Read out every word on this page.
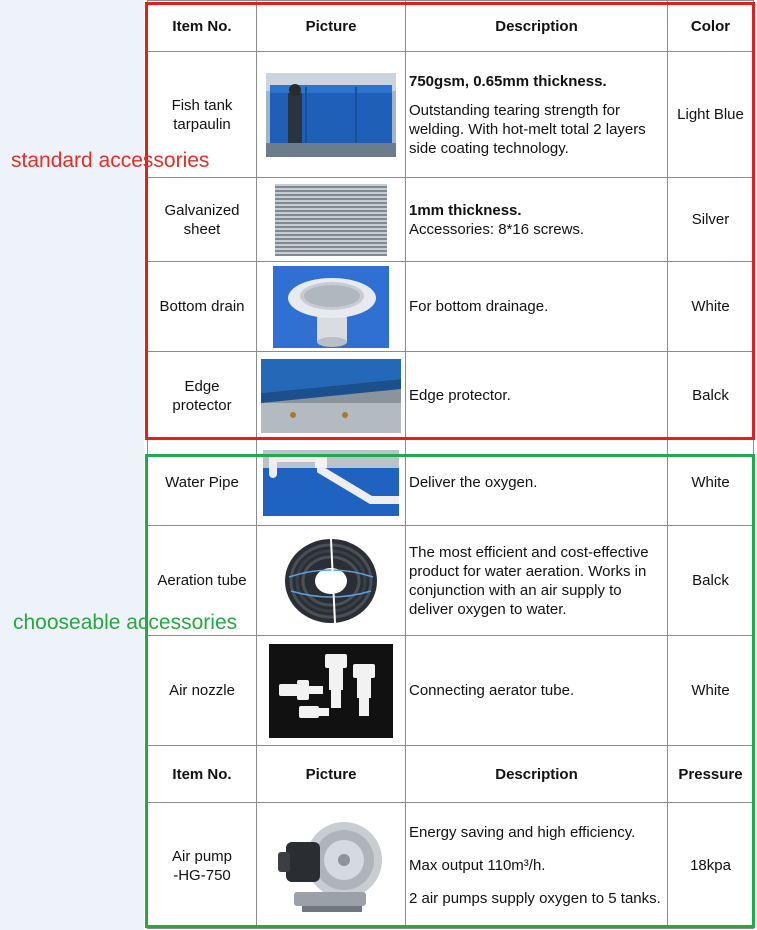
Item No.	Picture	Description	Color

Fish tank
tarpaulin		750gsm, 0.65mm thickness.
Outstanding tearing strength for
welding. With hot-melt total 2 layers
side coating technology.	Light Blue

Galvanized
sheet		1mm thickness.
Accessories: 8*16 screws.	Silver
Bottom drain		For bottom drainage.	White

Edge
protector		Edge protector.	Balck
Water Pipe		Deliver the oxygen.	White
Aeration tube		The most efficient and cost-effective
product for water aeration. Works in
conjunction with an air supply to
deliver oxygen to water.	Balck
Air nozzle		Connecting aerator tube.	White
Item No.	Picture	Description	Pressure

Air pump
-HG-750		Energy saving and high efficiency.
Max output 110m³/h.
2 air pumps supply oxygen to 5 tanks.	18kpa
standard accessories
chooseable accessories
